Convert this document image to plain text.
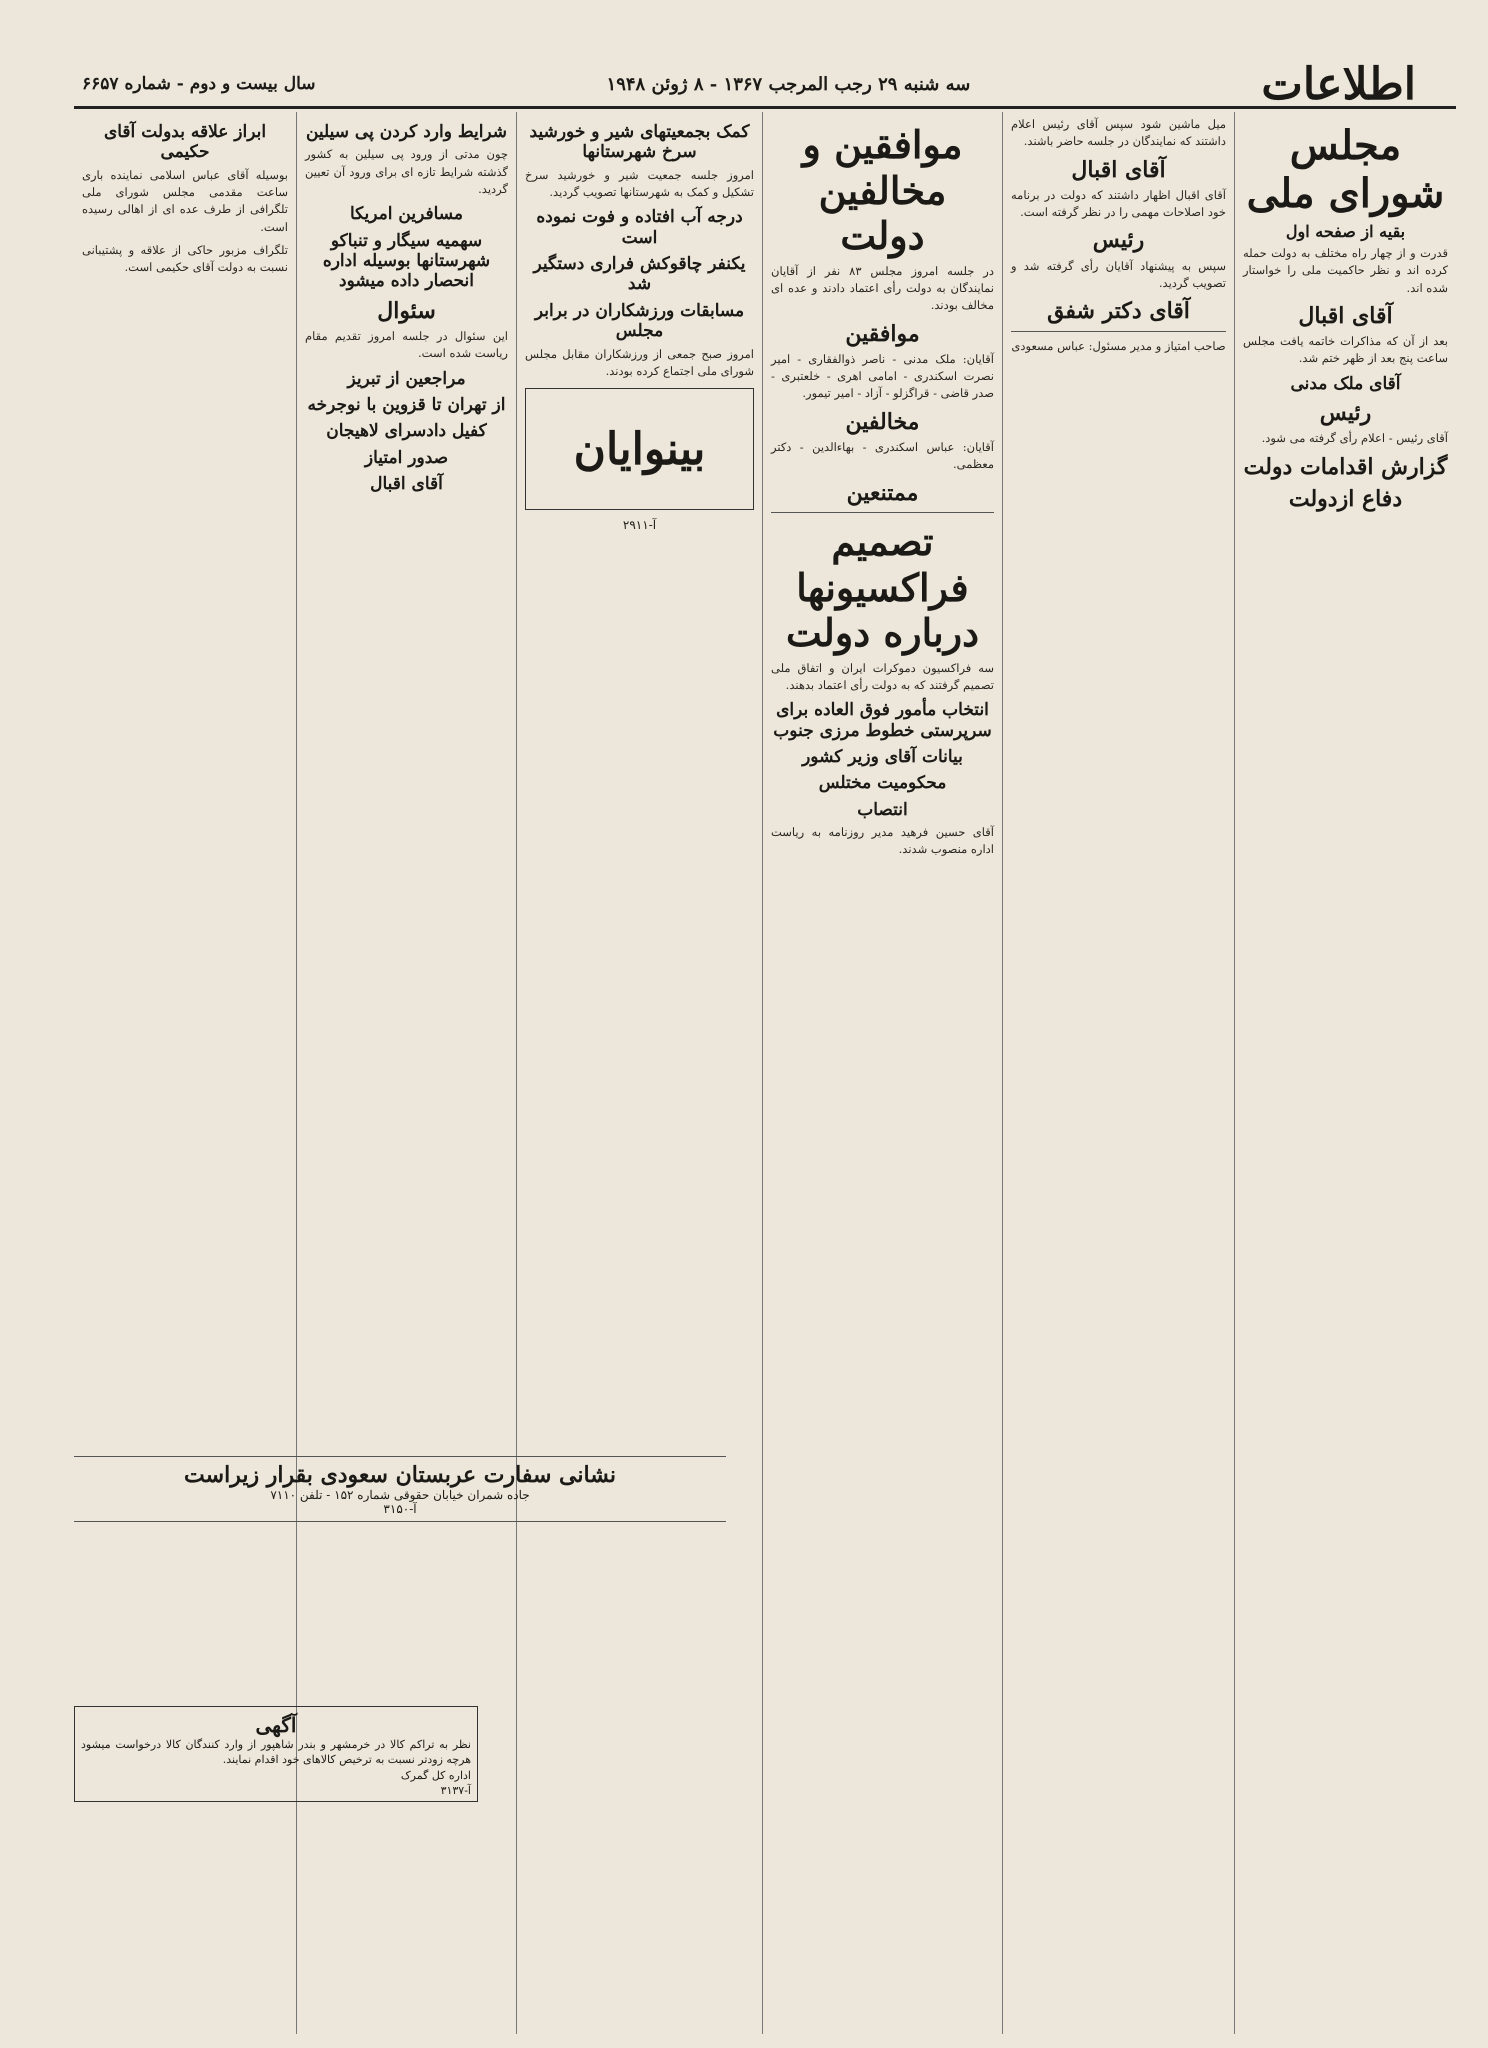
اطلاعات
سه شنبه ۲۹ رجب المرجب ۱۳۶۷ - ۸ ژوئن ۱۹۴۸
سال بیست و دوم - شماره ۶۶۵۷
مجلس شورای ملی
بقیه از صفحه اول

قدرت و از چهار راه مختلف به دولت حمله کرده اند و نظر حاکمیت ملی را خواستار شده اند.

آقای اقبال

بعد از آن که مذاکرات خاتمه یافت مجلس ساعت پنج بعد از ظهر ختم شد.

آقای ملک مدنی
رئیس

آقای رئیس - اعلام رأی گرفته می شود.

گزارش اقدامات دولت
دفاع ازدولت

میل ماشین شود سپس آقای رئیس اعلام داشتند که نمایندگان در جلسه حاضر باشند.

آقای اقبال

آقای اقبال اظهار داشتند که دولت در برنامه خود اصلاحات مهمی را در نظر گرفته است.

رئیس

سپس به پیشنهاد آقایان رأی گرفته شد و تصویب گردید.

آقای دکتر شفق

صاحب امتیاز و مدیر مسئول: عباس مسعودی

موافقین و مخالفین دولت

در جلسه امروز مجلس ۸۳ نفر از آقایان نمایندگان به دولت رأی اعتماد دادند و عده ای مخالف بودند.

موافقین

آقایان: ملک مدنی - ناصر ذوالفقاری - امیر نصرت اسکندری - امامی اهری - خلعتبری - صدر قاضی - قراگزلو - آزاد - امیر تیمور.

مخالفین

آقایان: عباس اسکندری - بهاءالدین - دکتر معظمی.

ممتنعین
تصمیم فراکسیونها درباره دولت

سه فراکسیون دموکرات ایران و اتفاق ملی تصمیم گرفتند که به دولت رأی اعتماد بدهند.

انتخاب مأمور فوق العاده برای سرپرستی خطوط مرزی جنوب
بیانات آقای وزیر کشور
محکومیت مختلس
انتصاب

آقای حسین فرهید مدیر روزنامه به ریاست اداره منصوب شدند.

کمک بجمعیتهای شیر و خورشید سرخ شهرستانها

امروز جلسه جمعیت شیر و خورشید سرخ تشکیل و کمک به شهرستانها تصویب گردید.

درجه آب افتاده و فوت نموده است
یکنفر چاقوکش فراری دستگیر شد
مسابقات ورزشکاران در برابر مجلس

امروز صبح جمعی از ورزشکاران مقابل مجلس شورای ملی اجتماع کرده بودند.

بینوایان
آ-۲۹۱۱
شرایط وارد کردن پی سیلین

چون مدتی از ورود پی سیلین به کشور گذشته شرایط تازه ای برای ورود آن تعیین گردید.

مسافرین امریکا
سهمیه سیگار و تنباکو شهرستانها بوسیله اداره انحصار داده میشود
سئوال

این سئوال در جلسه امروز تقدیم مقام ریاست شده است.

مراجعین از تبریز
از تهران تا قزوین با نوجرخه
کفیل دادسرای لاهیجان
صدور امتیاز
آقای اقبال
ابراز علاقه بدولت آقای حکیمی

بوسیله آقای عباس اسلامی نماینده باری ساعت مقدمی مجلس شورای ملی تلگرافی از طرف عده ای از اهالی رسیده است.

تلگراف مزبور حاکی از علاقه و پشتیبانی نسبت به دولت آقای حکیمی است.

نشانی سفارت عربستان سعودی بقرار زیراست
جاده شمران خیابان حقوقی شماره ۱۵۲ - تلفن ۷۱۱۰
آ-۳۱۵۰
آگهی
نظر به تراکم کالا در خرمشهر و بندر شاهپور از وارد کنندگان کالا درخواست میشود هرچه زودتر نسبت به ترخیص کالاهای خود اقدام نمایند.
اداره کل گمرک
آ-۳۱۳۷
